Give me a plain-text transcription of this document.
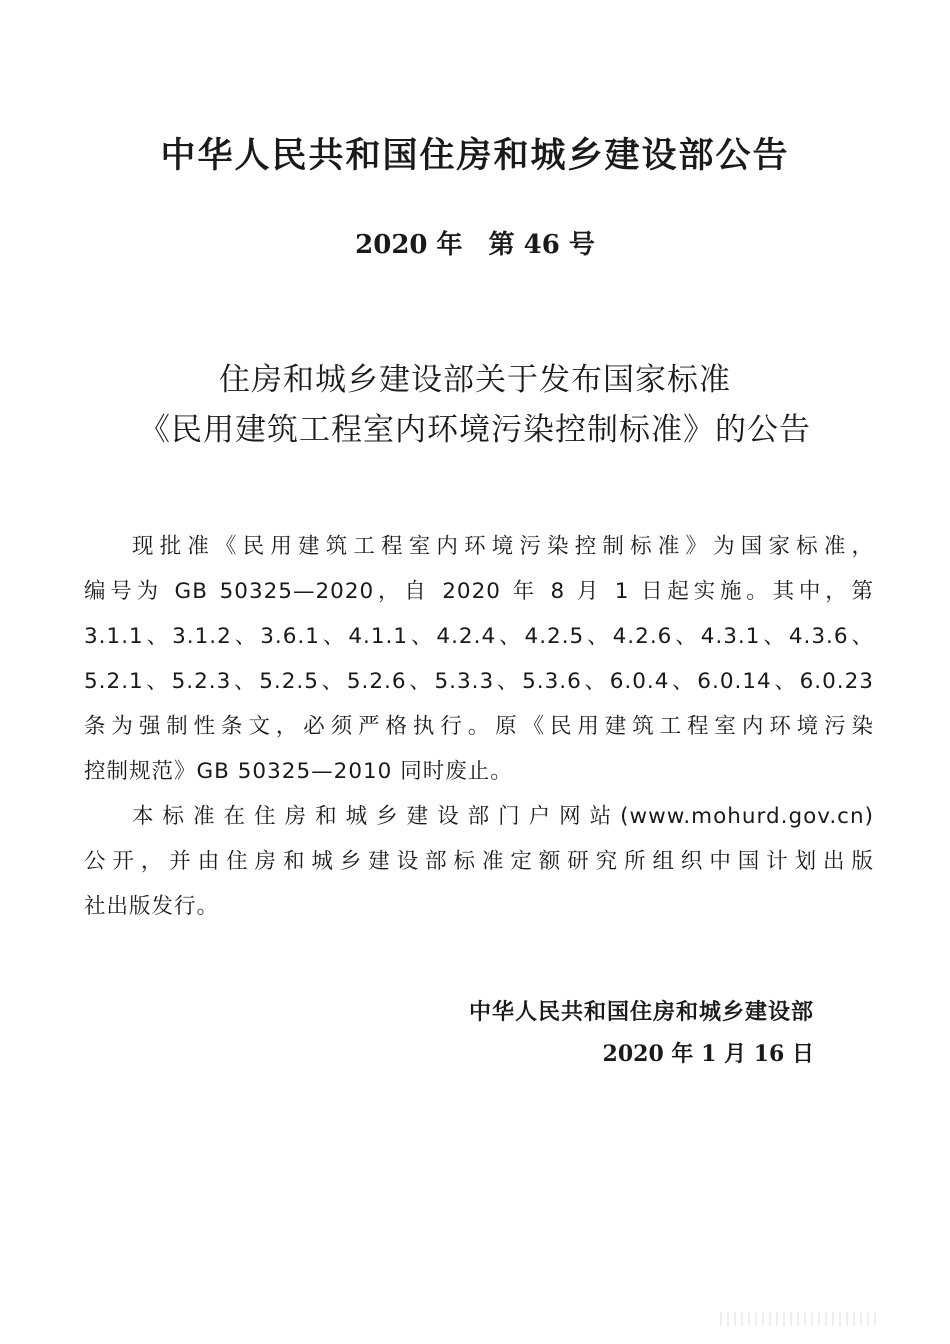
中华人民共和国住房和城乡建设部公告
2020 年　第 46 号
住房和城乡建设部关于发布国家标准
《民用建筑工程室内环境污染控制标准》的公告
现批准《民用建筑工程室内环境污染控制标准》为国家标准，
编号为 GB 50325—2020，自 2020 年 8 月 1 日起实施。其中，第
3.1.1、3.1.2、3.6.1、4.1.1、4.2.4、4.2.5、4.2.6、4.3.1、4.3.6、
5.2.1、5.2.3、5.2.5、5.2.6、5.3.3、5.3.6、6.0.4、6.0.14、6.0.23
条为强制性条文，必须严格执行。原《民用建筑工程室内环境污染
控制规范》GB 50325—2010 同时废止。
本标准在住房和城乡建设部门户网站(www.mohurd.gov.cn)
公开，并由住房和城乡建设部标准定额研究所组织中国计划出版
社出版发行。
中华人民共和国住房和城乡建设部
2020 年 1 月 16 日
